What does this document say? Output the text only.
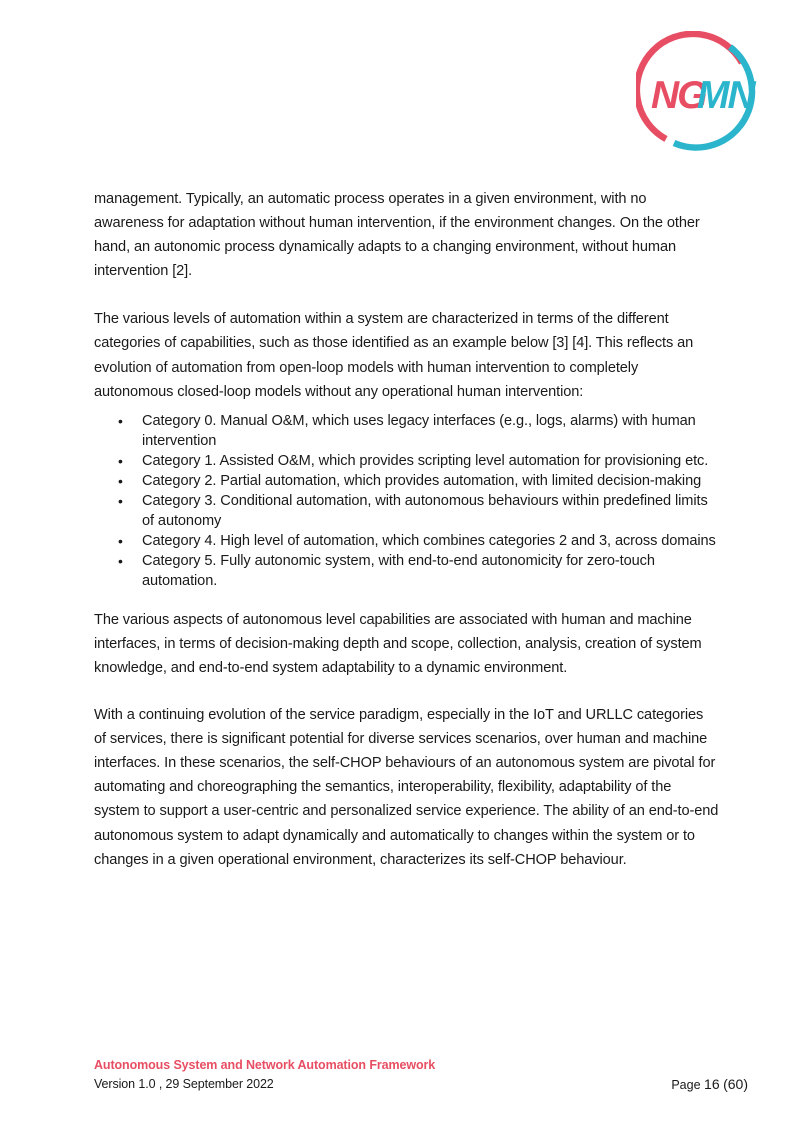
NG
MN

management. Typically, an automatic process operates in a given environment, with no awareness for adaptation without human intervention, if the environment changes. On the other hand, an autonomic process dynamically adapts to a changing environment, without human intervention [2].

The various levels of automation within a system are characterized in terms of the different categories of capabilities, such as those identified as an example below [3] [4]. This reflects an evolution of automation from open-loop models with human intervention to completely autonomous closed-loop models without any operational human intervention:

• Category 0. Manual O&M, which uses legacy interfaces (e.g., logs, alarms) with human intervention
• Category 1. Assisted O&M, which provides scripting level automation for provisioning etc.
• Category 2. Partial automation, which provides automation, with limited decision-making
• Category 3. Conditional automation, with autonomous behaviours within predefined limits of autonomy
• Category 4. High level of automation, which combines categories 2 and 3, across domains
• Category 5. Fully autonomic system, with end-to-end autonomicity for zero-touch automation.

The various aspects of autonomous level capabilities are associated with human and machine interfaces, in terms of decision-making depth and scope, collection, analysis, creation of system knowledge, and end-to-end system adaptability to a dynamic environment.

With a continuing evolution of the service paradigm, especially in the IoT and URLLC categories of services, there is significant potential for diverse services scenarios, over human and machine interfaces. In these scenarios, the self-CHOP behaviours of an autonomous system are pivotal for automating and choreographing the semantics, interoperability, flexibility, adaptability of the system to support a user-centric and personalized service experience. The ability of an end-to-end autonomous system to adapt dynamically and automatically to changes within the system or to changes in a given operational environment, characterizes its self-CHOP behaviour.

Autonomous System and Network Automation Framework
Version 1.0 , 29 September 2022	Page 16 (60)
